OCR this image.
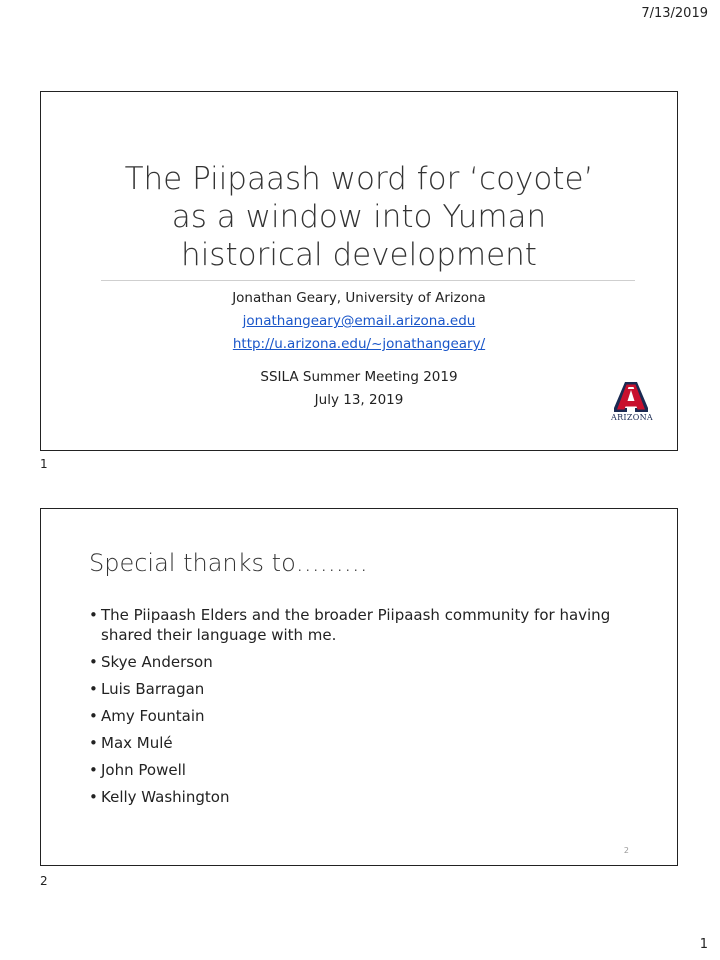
7/13/2019
The Piipaash word for ‘coyote’
as a window into Yuman
historical development
Jonathan Geary, University of Arizona
jonathangeary@email.arizona.edu
http://u.arizona.edu/~jonathangeary/
SSILA Summer Meeting 2019
July 13, 2019
ARIZONA
1
Special thanks to………
• The Piipaash Elders and the broader Piipaash community for having shared their language with me.
• Skye Anderson
• Luis Barragan
• Amy Fountain
• Max Mulé
• John Powell
• Kelly Washington
2
2
1
